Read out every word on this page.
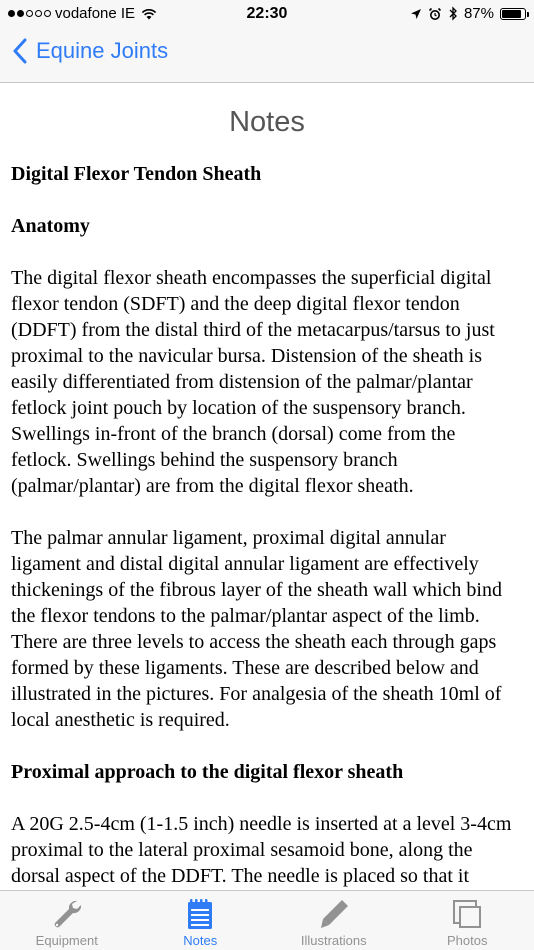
vodafone IE	22:30	87%
Equine Joints
Notes
Digital Flexor Tendon Sheath
Anatomy

The digital flexor sheath encompasses the superficial digital flexor tendon (SDFT) and the deep digital flexor tendon (DDFT) from the distal third of the metacarpus/tarsus to just proximal to the navicular bursa. Distension of the sheath is easily differentiated from distension of the palmar/plantar fetlock joint pouch by location of the suspensory branch. Swellings in-front of the branch (dorsal) come from the fetlock. Swellings behind the suspensory branch (palmar/plantar) are from the digital flexor sheath.

The palmar annular ligament, proximal digital annular ligament and distal digital annular ligament are effectively thickenings of the fibrous layer of the sheath wall which bind the flexor tendons to the palmar/plantar aspect of the limb. There are three levels to access the sheath each through gaps formed by these ligaments. These are described below and illustrated in the pictures. For analgesia of the sheath 10ml of local anesthetic is required.

Proximal approach to the digital flexor sheath

A 20G 2.5-4cm (1-1.5 inch) needle is inserted at a level 3-4cm proximal to the lateral proximal sesamoid bone, along the dorsal aspect of the DDFT. The needle is placed so that it

Equipment	Notes	Illustrations	Photos
